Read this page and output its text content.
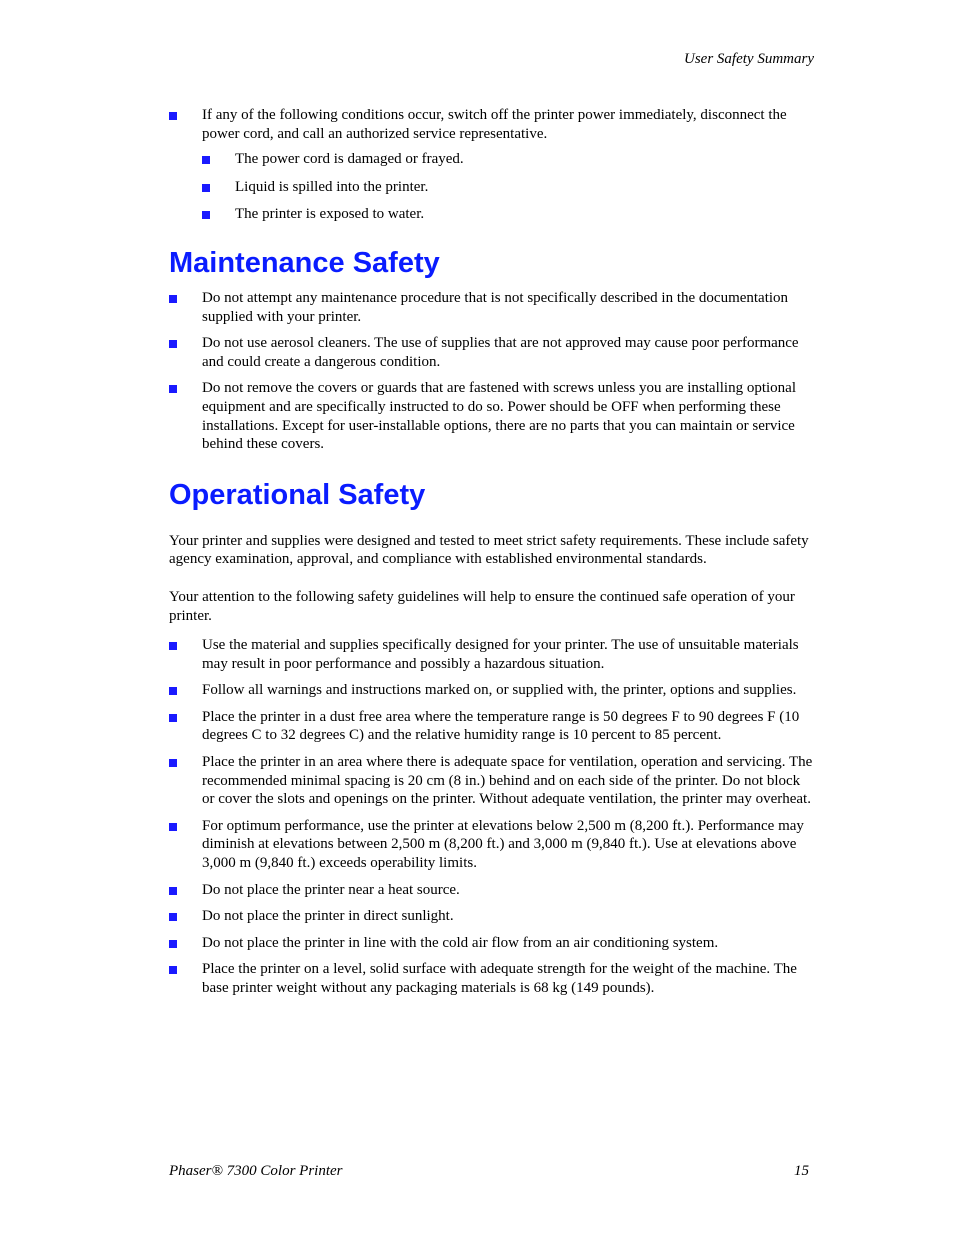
User Safety Summary
If any of the following conditions occur, switch off the printer power immediately, disconnect the power cord, and call an authorized service representative.
The power cord is damaged or frayed.
Liquid is spilled into the printer.
The printer is exposed to water.
Maintenance Safety
Do not attempt any maintenance procedure that is not specifically described in the documentation supplied with your printer.
Do not use aerosol cleaners. The use of supplies that are not approved may cause poor performance and could create a dangerous condition.
Do not remove the covers or guards that are fastened with screws unless you are installing optional equipment and are specifically instructed to do so. Power should be OFF when performing these installations. Except for user-installable options, there are no parts that you can maintain or service behind these covers.
Operational Safety

Your printer and supplies were designed and tested to meet strict safety requirements. These include safety agency examination, approval, and compliance with established environmental standards.

Your attention to the following safety guidelines will help to ensure the continued safe operation of your printer.

Use the material and supplies specifically designed for your printer. The use of unsuitable materials may result in poor performance and possibly a hazardous situation.
Follow all warnings and instructions marked on, or supplied with, the printer, options and supplies.
Place the printer in a dust free area where the temperature range is 50 degrees F to 90 degrees F (10 degrees C to 32 degrees C) and the relative humidity range is 10 percent to 85 percent.
Place the printer in an area where there is adequate space for ventilation, operation and servicing. The recommended minimal spacing is 20 cm (8 in.) behind and on each side of the printer. Do not block or cover the slots and openings on the printer. Without adequate ventilation, the printer may overheat.
For optimum performance, use the printer at elevations below 2,500 m (8,200 ft.). Performance may diminish at elevations between 2,500 m (8,200 ft.) and 3,000 m (9,840 ft.). Use at elevations above 3,000 m (9,840 ft.) exceeds operability limits.
Do not place the printer near a heat source.
Do not place the printer in direct sunlight.
Do not place the printer in line with the cold air flow from an air conditioning system.
Place the printer on a level, solid surface with adequate strength for the weight of the machine. The base printer weight without any packaging materials is 68 kg (149 pounds).
Phaser® 7300 Color Printer	15
